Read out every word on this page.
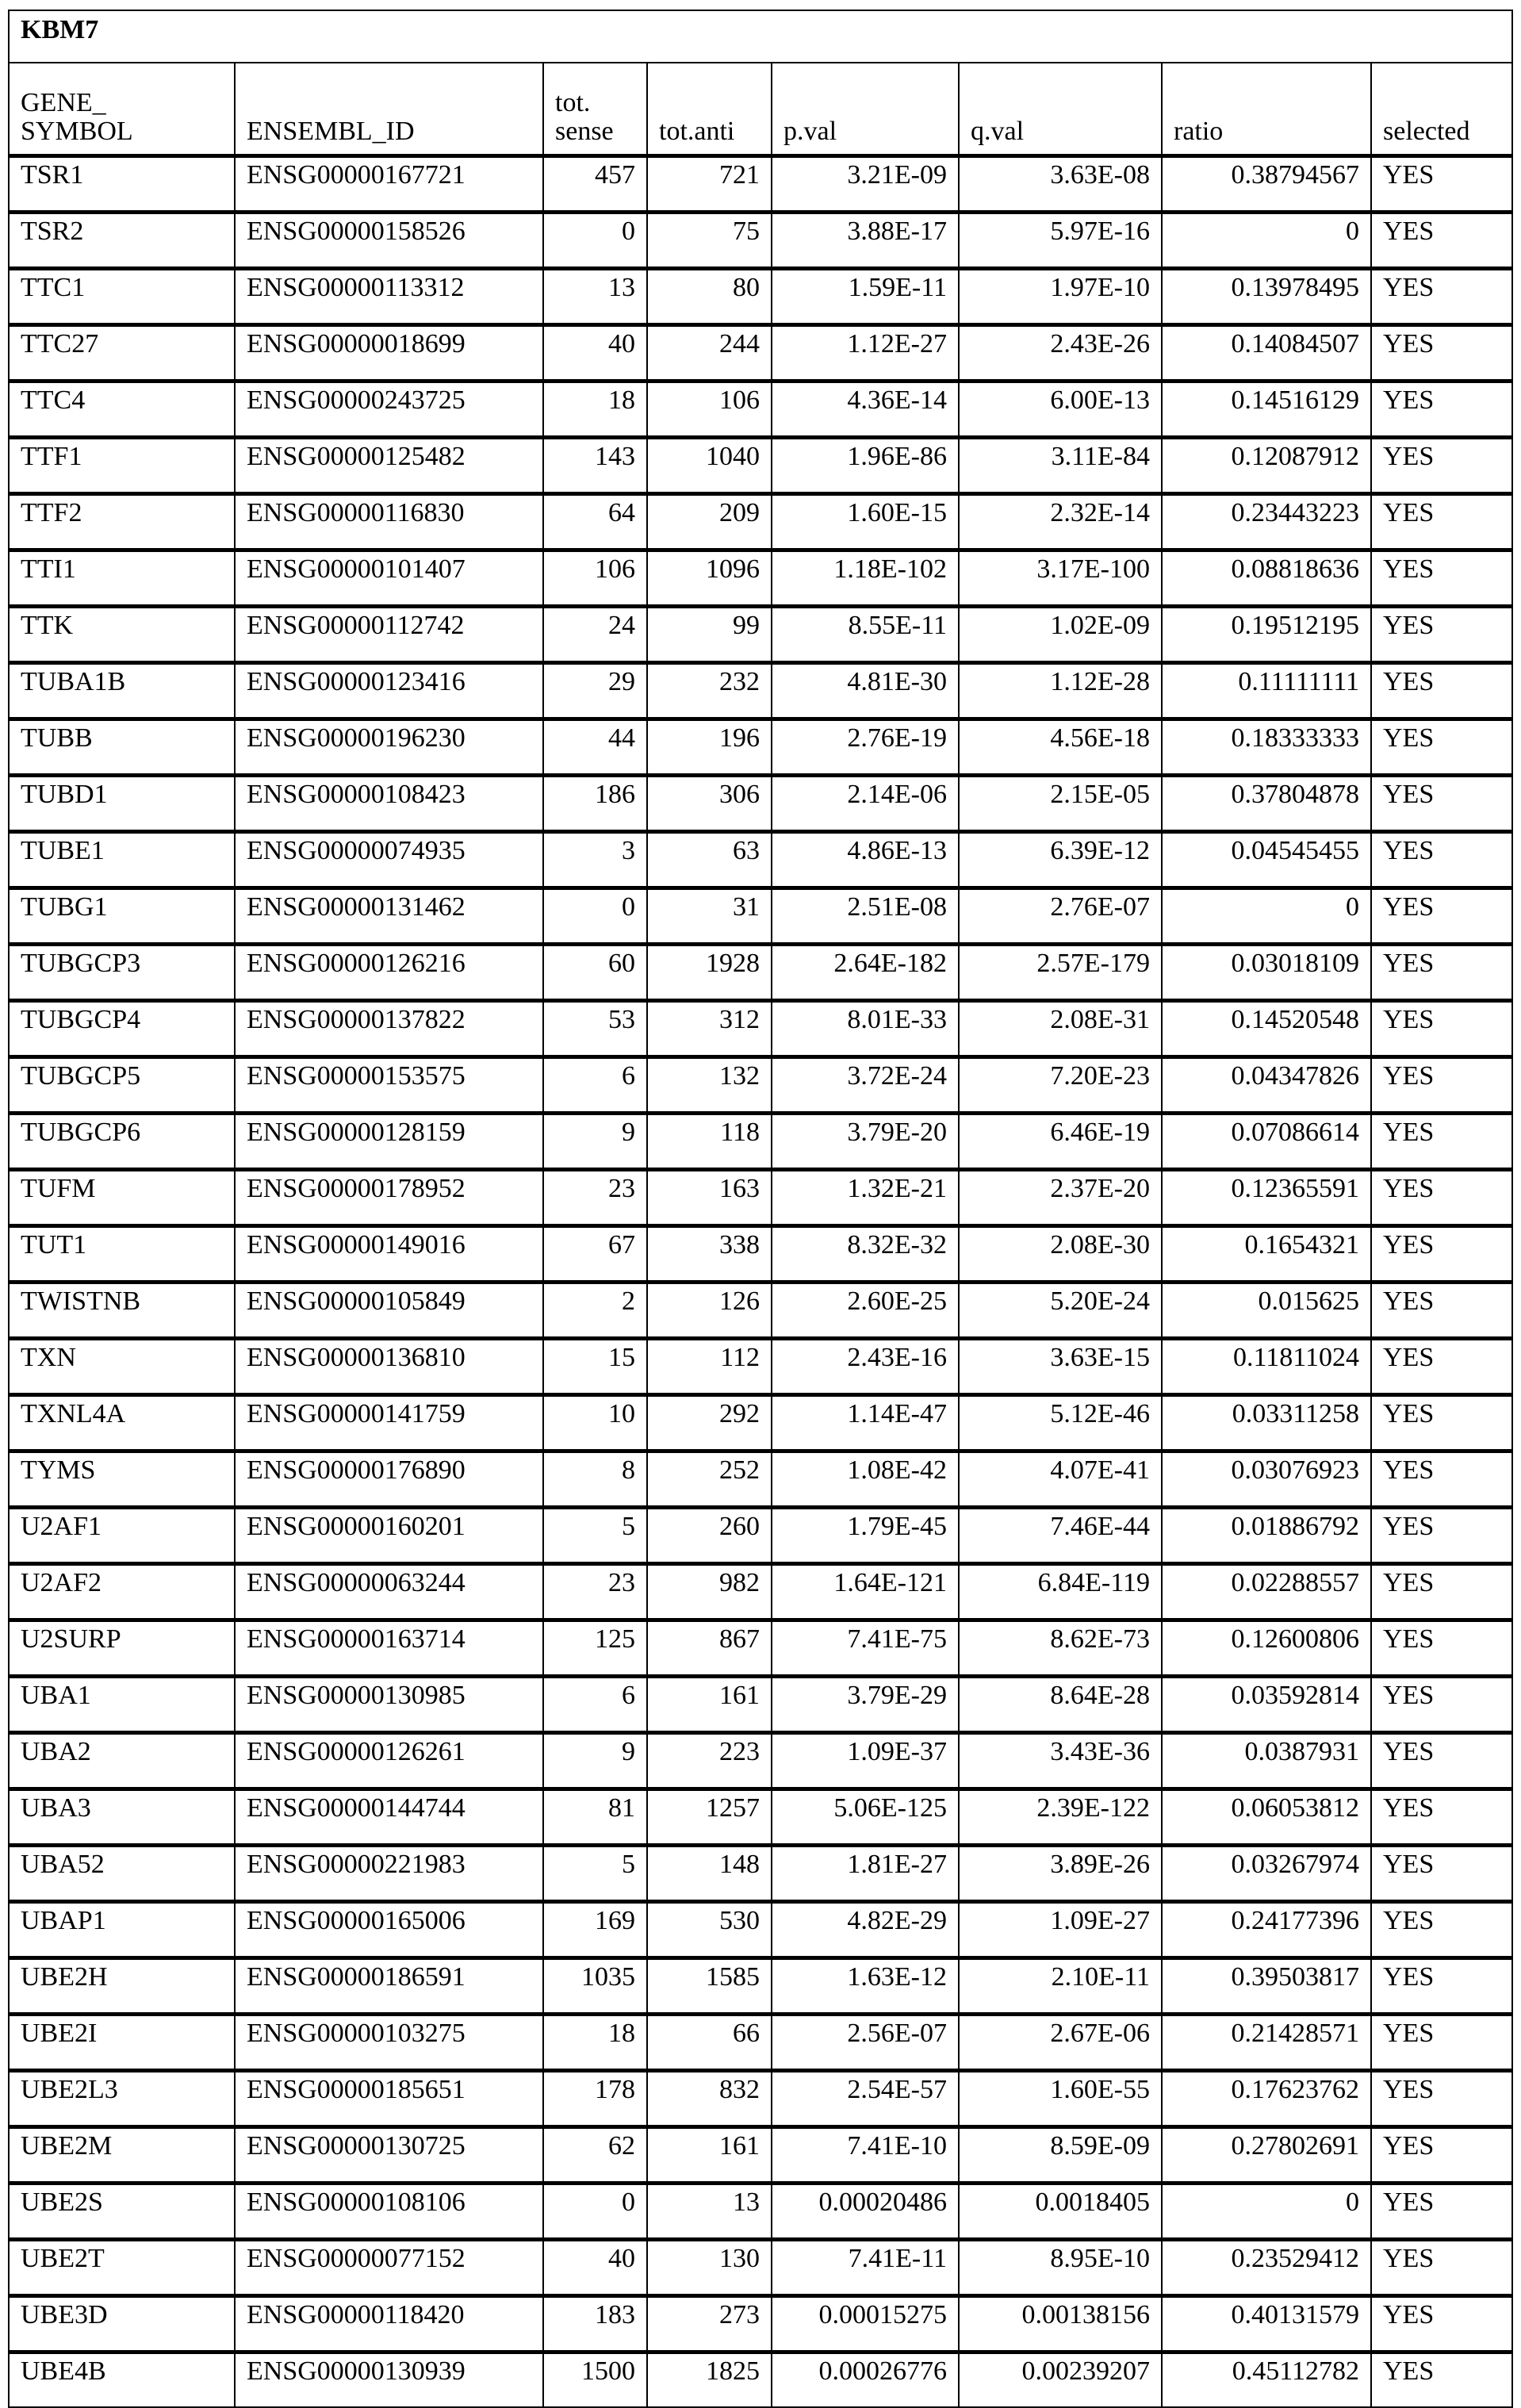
KBM7
GENE_ SYMBOL	ENSEMBL_ID	tot. sense	tot.anti	p.val	q.val	ratio	selected
TSR1	ENSG00000167721	457	721	3.21E-09	3.63E-08	0.38794567	YES
TSR2	ENSG00000158526	0	75	3.88E-17	5.97E-16	0	YES
TTC1	ENSG00000113312	13	80	1.59E-11	1.97E-10	0.13978495	YES
TTC27	ENSG00000018699	40	244	1.12E-27	2.43E-26	0.14084507	YES
TTC4	ENSG00000243725	18	106	4.36E-14	6.00E-13	0.14516129	YES
TTF1	ENSG00000125482	143	1040	1.96E-86	3.11E-84	0.12087912	YES
TTF2	ENSG00000116830	64	209	1.60E-15	2.32E-14	0.23443223	YES
TTI1	ENSG00000101407	106	1096	1.18E-102	3.17E-100	0.08818636	YES
TTK	ENSG00000112742	24	99	8.55E-11	1.02E-09	0.19512195	YES
TUBA1B	ENSG00000123416	29	232	4.81E-30	1.12E-28	0.11111111	YES
TUBB	ENSG00000196230	44	196	2.76E-19	4.56E-18	0.18333333	YES
TUBD1	ENSG00000108423	186	306	2.14E-06	2.15E-05	0.37804878	YES
TUBE1	ENSG00000074935	3	63	4.86E-13	6.39E-12	0.04545455	YES
TUBG1	ENSG00000131462	0	31	2.51E-08	2.76E-07	0	YES
TUBGCP3	ENSG00000126216	60	1928	2.64E-182	2.57E-179	0.03018109	YES
TUBGCP4	ENSG00000137822	53	312	8.01E-33	2.08E-31	0.14520548	YES
TUBGCP5	ENSG00000153575	6	132	3.72E-24	7.20E-23	0.04347826	YES
TUBGCP6	ENSG00000128159	9	118	3.79E-20	6.46E-19	0.07086614	YES
TUFM	ENSG00000178952	23	163	1.32E-21	2.37E-20	0.12365591	YES
TUT1	ENSG00000149016	67	338	8.32E-32	2.08E-30	0.1654321	YES
TWISTNB	ENSG00000105849	2	126	2.60E-25	5.20E-24	0.015625	YES
TXN	ENSG00000136810	15	112	2.43E-16	3.63E-15	0.11811024	YES
TXNL4A	ENSG00000141759	10	292	1.14E-47	5.12E-46	0.03311258	YES
TYMS	ENSG00000176890	8	252	1.08E-42	4.07E-41	0.03076923	YES
U2AF1	ENSG00000160201	5	260	1.79E-45	7.46E-44	0.01886792	YES
U2AF2	ENSG00000063244	23	982	1.64E-121	6.84E-119	0.02288557	YES
U2SURP	ENSG00000163714	125	867	7.41E-75	8.62E-73	0.12600806	YES
UBA1	ENSG00000130985	6	161	3.79E-29	8.64E-28	0.03592814	YES
UBA2	ENSG00000126261	9	223	1.09E-37	3.43E-36	0.0387931	YES
UBA3	ENSG00000144744	81	1257	5.06E-125	2.39E-122	0.06053812	YES
UBA52	ENSG00000221983	5	148	1.81E-27	3.89E-26	0.03267974	YES
UBAP1	ENSG00000165006	169	530	4.82E-29	1.09E-27	0.24177396	YES
UBE2H	ENSG00000186591	1035	1585	1.63E-12	2.10E-11	0.39503817	YES
UBE2I	ENSG00000103275	18	66	2.56E-07	2.67E-06	0.21428571	YES
UBE2L3	ENSG00000185651	178	832	2.54E-57	1.60E-55	0.17623762	YES
UBE2M	ENSG00000130725	62	161	7.41E-10	8.59E-09	0.27802691	YES
UBE2S	ENSG00000108106	0	13	0.00020486	0.0018405	0	YES
UBE2T	ENSG00000077152	40	130	7.41E-11	8.95E-10	0.23529412	YES
UBE3D	ENSG00000118420	183	273	0.00015275	0.00138156	0.40131579	YES
UBE4B	ENSG00000130939	1500	1825	0.00026776	0.00239207	0.45112782	YES
